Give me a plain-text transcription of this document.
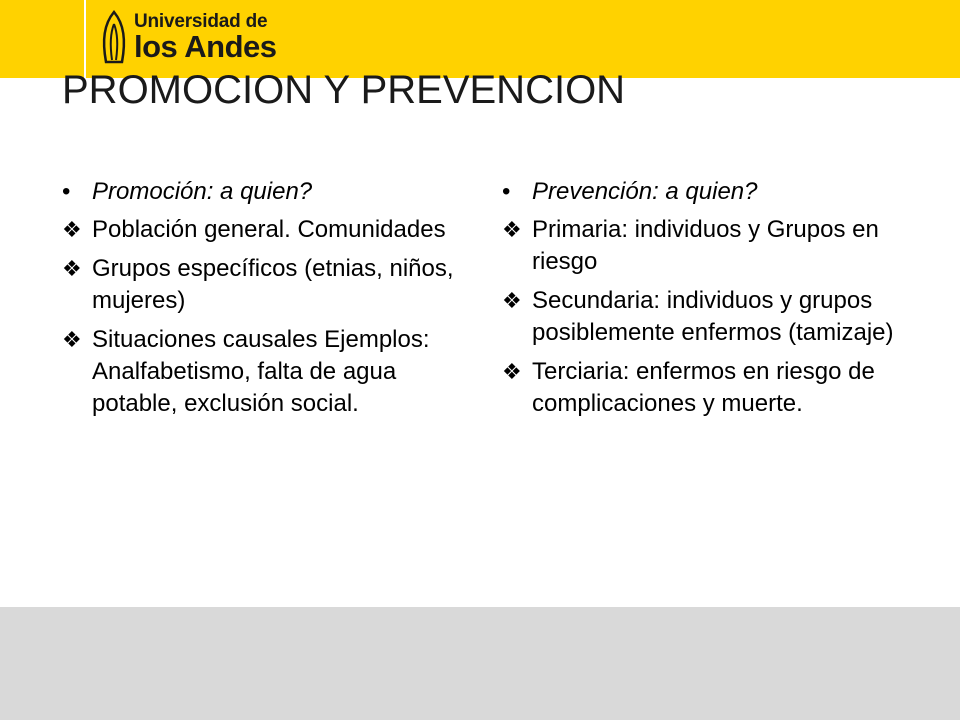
Universidad de
los Andes
PROMOCION Y PREVENCION
• Promoción: a quien?
❖ Población general. Comunidades
❖ Grupos específicos (etnias, niños, mujeres)
❖ Situaciones causales Ejemplos: Analfabetismo, falta de agua potable, exclusión social.
• Prevención: a quien?
❖ Primaria: individuos y Grupos en riesgo
❖ Secundaria: individuos y grupos posiblemente enfermos (tamizaje)
❖ Terciaria: enfermos en riesgo de complicaciones y muerte.
